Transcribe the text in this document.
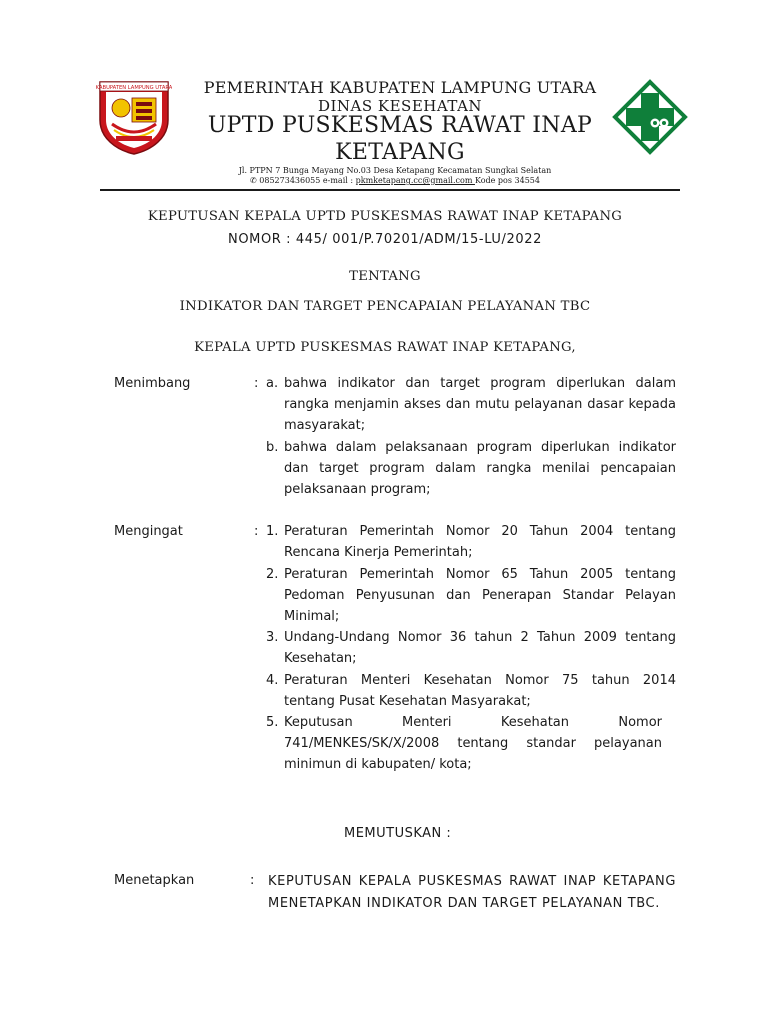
KABUPATEN LAMPUNG UTARA	PEMERINTAH KABUPATEN LAMPUNG UTARA
DINAS KESEHATAN
UPTD PUSKESMAS RAWAT INAP
KETAPANG
Jl. PTPN 7 Bunga Mayang No.03 Desa Ketapang Kecamatan Sungkai Selatan
✆ 085273436055 e-mail : pkmketapang.cc@gmail.com Kode pos 34554
KEPUTUSAN KEPALA UPTD PUSKESMAS RAWAT INAP KETAPANG
NOMOR : 445/ 001/P.70201/ADM/15-LU/2022
TENTANG
INDIKATOR DAN TARGET PENCAPAIAN PELAYANAN TBC
KEPALA UPTD PUSKESMAS RAWAT INAP KETAPANG,
Menimbang	: a. bahwa indikator dan target program diperlukan dalam rangka menjamin akses dan mutu pelayanan dasar kepada masyarakat;
b. bahwa dalam pelaksanaan program diperlukan indikator dan target program dalam rangka menilai pencapaian pelaksanaan program;
Mengingat	: 1. Peraturan Pemerintah Nomor 20 Tahun 2004 tentang Rencana Kinerja Pemerintah;
2. Peraturan Pemerintah Nomor 65 Tahun 2005 tentang Pedoman Penyusunan dan Penerapan Standar Pelayan Minimal;
3. Undang-Undang Nomor 36 tahun 2 Tahun 2009 tentang Kesehatan;
4. Peraturan Menteri Kesehatan Nomor 75 tahun 2014 tentang Pusat Kesehatan Masyarakat;
5. Keputusan Menteri Kesehatan Nomor 741/MENKES/SK/X/2008 tentang standar pelayanan minimun di kabupaten/ kota;
MEMUTUSKAN :
Menetapkan	: KEPUTUSAN KEPALA PUSKESMAS RAWAT INAP KETAPANG MENETAPKAN INDIKATOR DAN TARGET PELAYANAN TBC.
